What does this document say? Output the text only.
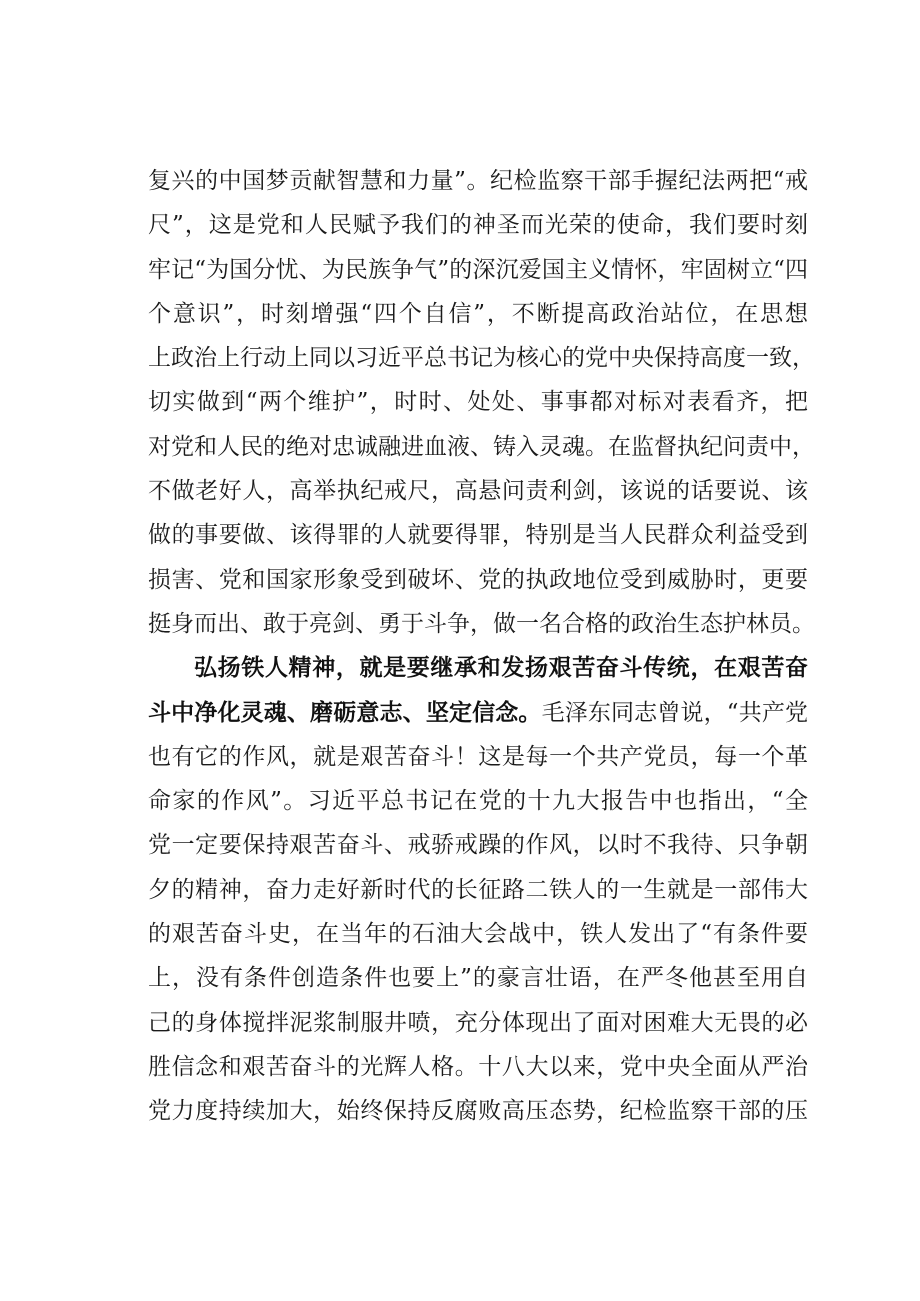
复兴的中国梦贡献智慧和力量”。纪检监察干部手握纪法两把“戒
尺”，这是党和人民赋予我们的神圣而光荣的使命，我们要时刻
牢记“为国分忧、为民族争气”的深沉爱国主义情怀，牢固树立“四
个意识”，时刻增强“四个自信”，不断提高政治站位，在思想
上政治上行动上同以习近平总书记为核心的党中央保持高度一致，
切实做到“两个维护”，时时、处处、事事都对标对表看齐，把
对党和人民的绝对忠诚融进血液、铸入灵魂。在监督执纪问责中，
不做老好人，高举执纪戒尺，高悬问责利剑，该说的话要说、该
做的事要做、该得罪的人就要得罪，特别是当人民群众利益受到
损害、党和国家形象受到破坏、党的执政地位受到威胁时，更要
挺身而出、敢于亮剑、勇于斗争，做一名合格的政治生态护林员。
弘扬铁人精神，就是要继承和发扬艰苦奋斗传统，在艰苦奋
斗中净化灵魂、磨砺意志、坚定信念。毛泽东同志曾说，“共产党
也有它的作风，就是艰苦奋斗！这是每一个共产党员，每一个革
命家的作风”。习近平总书记在党的十九大报告中也指出，“全
党一定要保持艰苦奋斗、戒骄戒躁的作风，以时不我待、只争朝
夕的精神，奋力走好新时代的长征路二铁人的一生就是一部伟大
的艰苦奋斗史，在当年的石油大会战中，铁人发出了“有条件要
上，没有条件创造条件也要上”的豪言壮语，在严冬他甚至用自
己的身体搅拌泥浆制服井喷，充分体现出了面对困难大无畏的必
胜信念和艰苦奋斗的光辉人格。十八大以来，党中央全面从严治
党力度持续加大，始终保持反腐败高压态势，纪检监察干部的压
